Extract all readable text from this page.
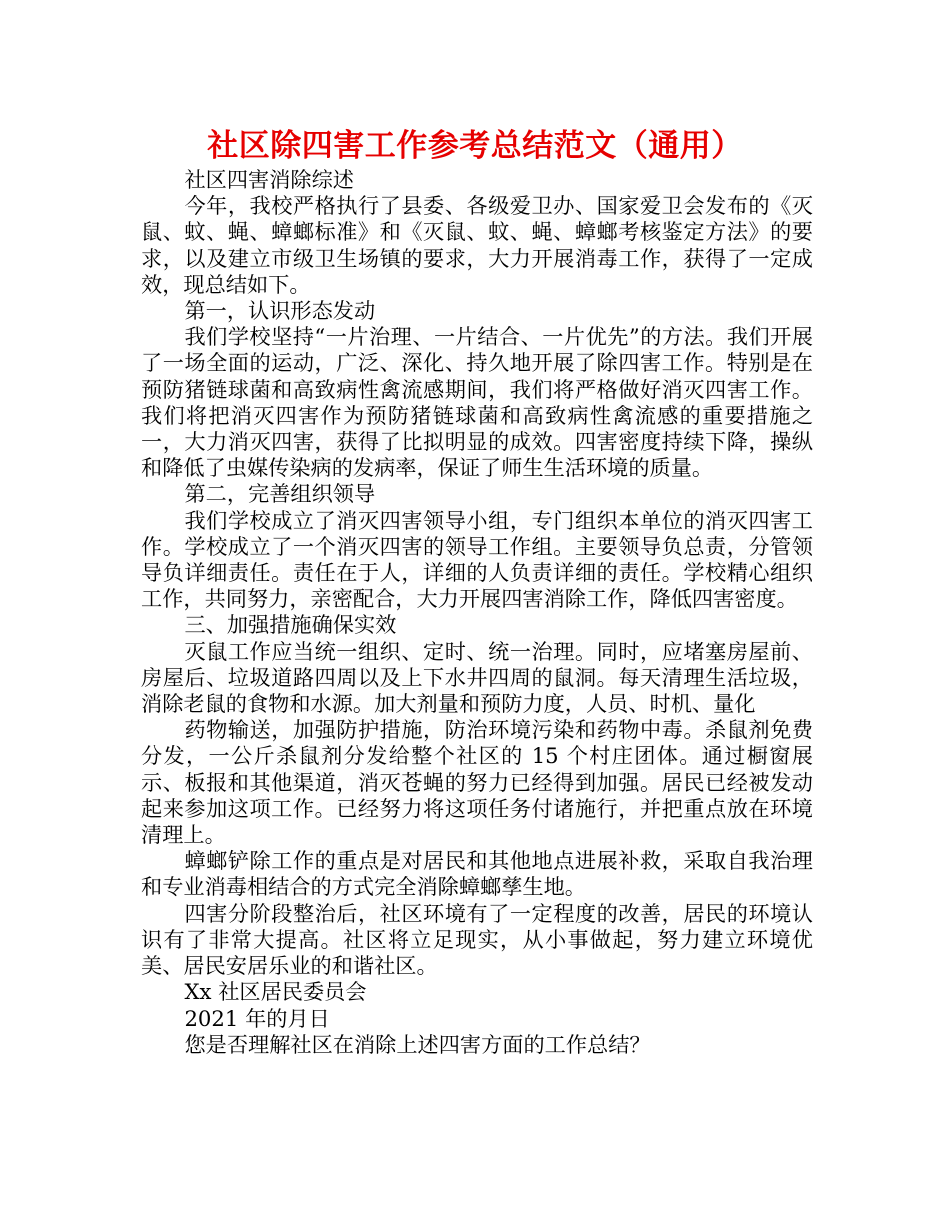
社区除四害工作参考总结范文（通用）

社区四害消除综述

今年，我校严格执行了县委、各级爱卫办、国家爱卫会发布的《灭鼠、蚊、蝇、蟑螂标准》和《灭鼠、蚊、蝇、蟑螂考核鉴定方法》的要求，以及建立市级卫生场镇的要求，大力开展消毒工作，获得了一定成效，现总结如下。

第一，认识形态发动

我们学校坚持“一片治理、一片结合、一片优先”的方法。我们开展了一场全面的运动，广泛、深化、持久地开展了除四害工作。特别是在预防猪链球菌和高致病性禽流感期间，我们将严格做好消灭四害工作。我们将把消灭四害作为预防猪链球菌和高致病性禽流感的重要措施之一，大力消灭四害，获得了比拟明显的成效。四害密度持续下降，操纵和降低了虫媒传染病的发病率，保证了师生生活环境的质量。

第二，完善组织领导

我们学校成立了消灭四害领导小组，专门组织本单位的消灭四害工作。学校成立了一个消灭四害的领导工作组。主要领导负总责，分管领导负详细责任。责任在于人，详细的人负责详细的责任。学校精心组织工作，共同努力，亲密配合，大力开展四害消除工作，降低四害密度。

三、加强措施确保实效

灭鼠工作应当统一组织、定时、统一治理。同时，应堵塞房屋前、房屋后、垃圾道路四周以及上下水井四周的鼠洞。每天清理生活垃圾，消除老鼠的食物和水源。加大剂量和预防力度，人员、时机、量化

药物输送，加强防护措施，防治环境污染和药物中毒。杀鼠剂免费分发，一公斤杀鼠剂分发给整个社区的 15 个村庄团体。通过橱窗展示、板报和其他渠道，消灭苍蝇的努力已经得到加强。居民已经被发动起来参加这项工作。已经努力将这项任务付诸施行，并把重点放在环境清理上。

蟑螂铲除工作的重点是对居民和其他地点进展补救，采取自我治理和专业消毒相结合的方式完全消除蟑螂孳生地。

四害分阶段整治后，社区环境有了一定程度的改善，居民的环境认识有了非常大提高。社区将立足现实，从小事做起，努力建立环境优美、居民安居乐业的和谐社区。

Xx 社区居民委员会

2021 年的月日

您是否理解社区在消除上述四害方面的工作总结？
